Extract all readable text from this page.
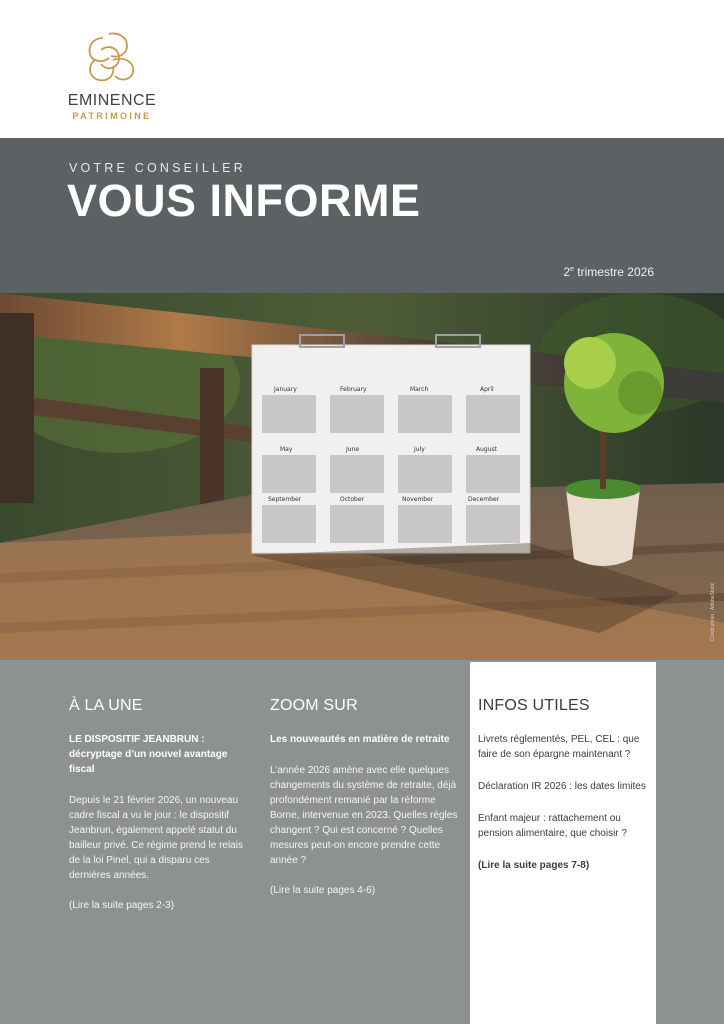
EMINENCE
PATRIMOINE
VOTRE CONSEILLER
VOUS INFORME
2e trimestre 2026
January	February	March	April
May	June	July	August
September	October	November	December
Crédit photo : AdobeStock
À LA UNE
LE DISPOSITIF JEANBRUN : décryptage d’un nouvel avantage fiscal
Depuis le 21 février 2026, un nouveau cadre fiscal a vu le jour : le dispositif Jeanbrun, également appelé statut du bailleur privé. Ce régime prend le relais de la loi Pinel, qui a disparu ces dernières années.
(Lire la suite pages 2-3)
ZOOM SUR
Les nouveautés en matière de retraite
L’année 2026 amène avec elle quelques changements du système de retraite, déjà profondément remanié par la réforme Borne, intervenue en 2023. Quelles règles changent ? Qui est concerné ? Quelles mesures peut-on encore prendre cette année ?
(Lire la suite pages 4-6)
INFOS UTILES
Livrets réglementés, PEL, CEL : que faire de son épargne maintenant ?
Déclaration IR 2026 : les dates limites
Enfant majeur : rattachement ou pension alimentaire, que choisir ?
(Lire la suite pages 7-8)
